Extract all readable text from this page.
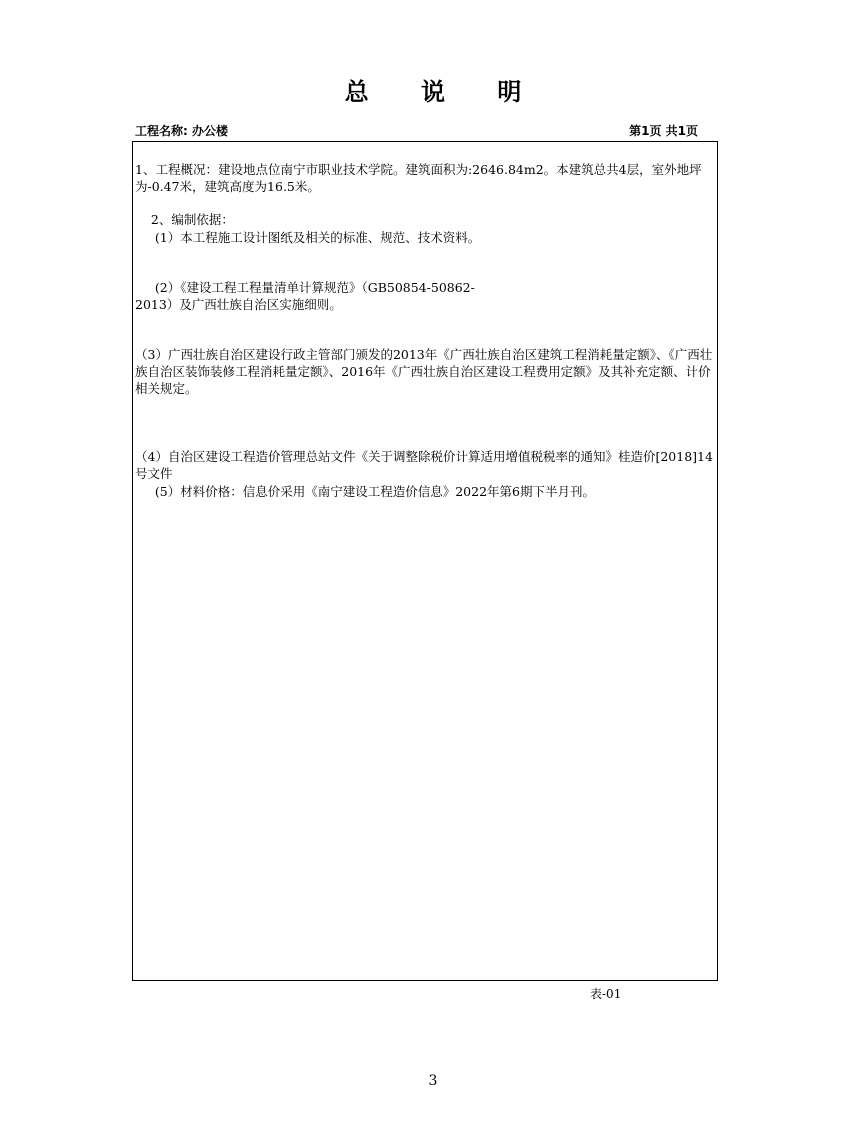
总 说 明
工程名称: 办公楼	第1页 共1页
1、工程概况：建设地点位南宁市职业技术学院。建筑面积为:2646.84m2。本建筑总共4层，室外地坪为-0.47米，建筑高度为16.5米。
2、编制依据：
(1）本工程施工设计图纸及相关的标准、规范、技术资料。
(2）《建设工程工程量清单计算规范》（GB50854-50862-
2013）及广西壮族自治区实施细则。
（3）广西壮族自治区建设行政主管部门颁发的2013年《广西壮族自治区建筑工程消耗量定额》、《广西壮族自治区装饰装修工程消耗量定额》、2016年《广西壮族自治区建设工程费用定额》及其补充定额、计价相关规定。
（4）自治区建设工程造价管理总站文件《关于调整除税价计算适用增值税税率的通知》桂造价[2018]14号文件
(5）材料价格：信息价采用《南宁建设工程造价信息》2022年第6期下半月刊。
表-01
3
